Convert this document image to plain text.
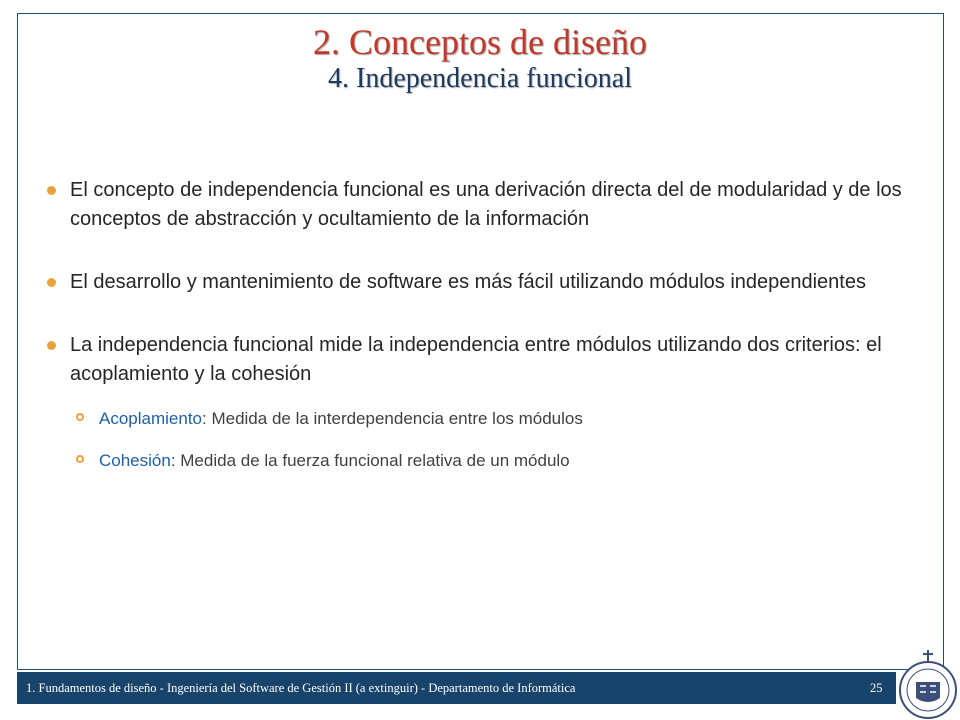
2. Conceptos de diseño
4. Independencia funcional
El concepto de independencia funcional es una derivación directa del de modularidad y de los conceptos de abstracción y ocultamiento de la información
El desarrollo y mantenimiento de software es más fácil utilizando módulos independientes
La independencia funcional mide la independencia entre módulos utilizando dos criterios: el acoplamiento y la cohesión
Acoplamiento: Medida de la interdependencia entre los módulos
Cohesión: Medida de la fuerza funcional relativa de un módulo
1. Fundamentos de diseño - Ingeniería del Software de Gestión II (a extinguir) - Departamento de Informática	25
